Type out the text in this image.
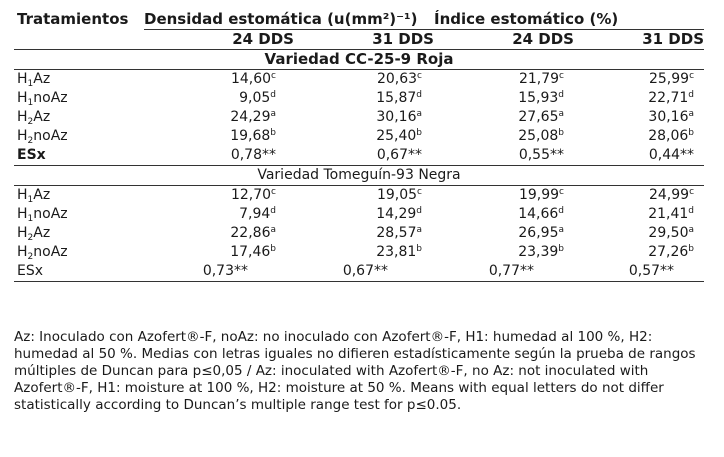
Tratamientos	Densidad estomática (u(mm²)⁻¹)		Índice estomático (%)	
	24 DDS	31 DDS	24 DDS	31 DDS
Variedad CC-25-9 Roja				
$H_1Az$	14,60$^c$	20,63$^c$	21,79$^c$	25,99$^c$
$H_1noAz$	9,05$^d$	15,87$^d$	15,93$^d$	22,71$^d$
$H_2Az$	24,29$^a$	30,16$^a$	27,65$^a$	30,16$^a$
$H_2noAz$	19,68$^b$	25,40$^b$	25,08$^b$	28,06$^b$
ESx	0,78**	0,67**	0,55**	0,44**
Variedad Tomeguín-93 Negra				
$H_1Az$	12,70$^c$	19,05$^c$	19,99$^c$	24,99$^c$
$H_1noAz$	7,94$^d$	14,29$^d$	14,66$^d$	21,41$^d$
$H_2Az$	22,86$^a$	28,57$^a$	26,95$^a$	29,50$^a$
$H_2noAz$	17,46$^b$	23,81$^b$	23,39$^b$	27,26$^b$
ESx	0,73**	0,67**	0,77**	0,57**
Az: Inoculado con Azofert®-F, noAz: no inoculado con Azofert®-F, H1: humedad al 100 %, H2: humedad al 50 %. Medias con letras iguales no difieren estadísticamente según la prueba de rangos múltiples de Duncan para p≤0,05 / Az: inoculated with Azofert®-F, no Az: not inoculated with Azofert®-F, H1: moisture at 100 %, H2: moisture at 50 %. Means with equal letters do not differ statistically according to Duncan’s multiple range test for p≤0.05.
